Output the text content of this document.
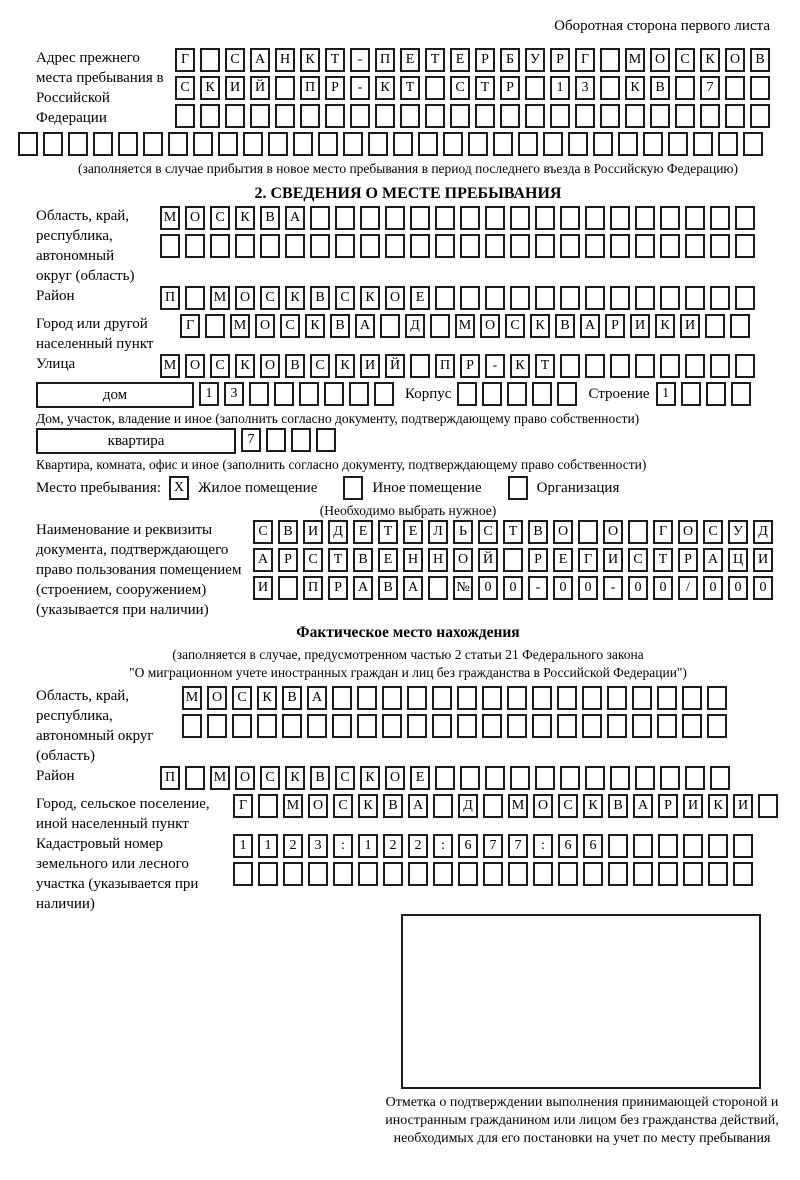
Оборотная сторона первого листа
Адрес прежнего места пребывания в Российской Федерации
Г	С	А	Н	К	Т	-	П	Е	Т	Е	Р	Б	У	Р	Г	М О	С	К	О	В
С	К	И	Й	П	Р	-	К	Т	С	Т	Р	1	3	К	В	7
(заполняется в случае прибытия в новое место пребывания в период последнего въезда в Российскую Федерацию)
2. СВЕДЕНИЯ О МЕСТЕ ПРЕБЫВАНИЯ
Область, край, республика, автономный округ (область)
М О	С	К	В	А
Район	П	М О	С	К	В	С	К	О	Е
Город или другой населенный пункт
Г	М О	С	К	В	А	Д	М О	С	К	В	А	Р	И	К	И
Улица	М О	С	К	О	В	С	К	И	Й	П	Р	-	К	Т
дом	1	3	Корпус	Строение 1
Дом, участок, владение и иное (заполнить согласно документу, подтверждающему право собственности)
квартира	7
Квартира, комната, офис и иное (заполнить согласно документу, подтверждающему право собственности)
Место пребывания: X Жилое помещение	Иное помещение	Организация
(Необходимо выбрать нужное)
Наименование и реквизиты документа, подтверждающего право пользования помещением (строением, сооружением) (указывается при наличии)
С	В	И	Д	Е	Т	Е	Л	Ь	С	Т	В	О	О	Г	О	С	У	Д
А	Р	С	Т	В	Е	Н	Н	О	Й	Р	Е	Г	И	С	Т	Р	А	Ц	И
И	П	Р	А	В	А	№	0	0	-	0	0	-	0	0	/	0	0	0
Фактическое место нахождения
(заполняется в случае, предусмотренном частью 2 статьи 21 Федерального закона
"О миграционном учете иностранных граждан и лиц без гражданства в Российской Федерации")
Область, край, республика, автономный округ (область)
М О	С	К	В	А
Район	П	М О	С	К	В	С	К	О	Е
Город, сельское поселение, иной населенный пункт
Г	М О	С	К	В	А	Д	М О	С	К	В	А	Р	И	К	И
Кадастровый номер земельного или лесного участка (указывается при наличии)
1	1	2	3	:	1	2	2	:	6	7	7	:	6	6
Отметка о подтверждении выполнения принимающей стороной и иностранным гражданином или лицом без гражданства действий, необходимых для его постановки на учет по месту пребывания
